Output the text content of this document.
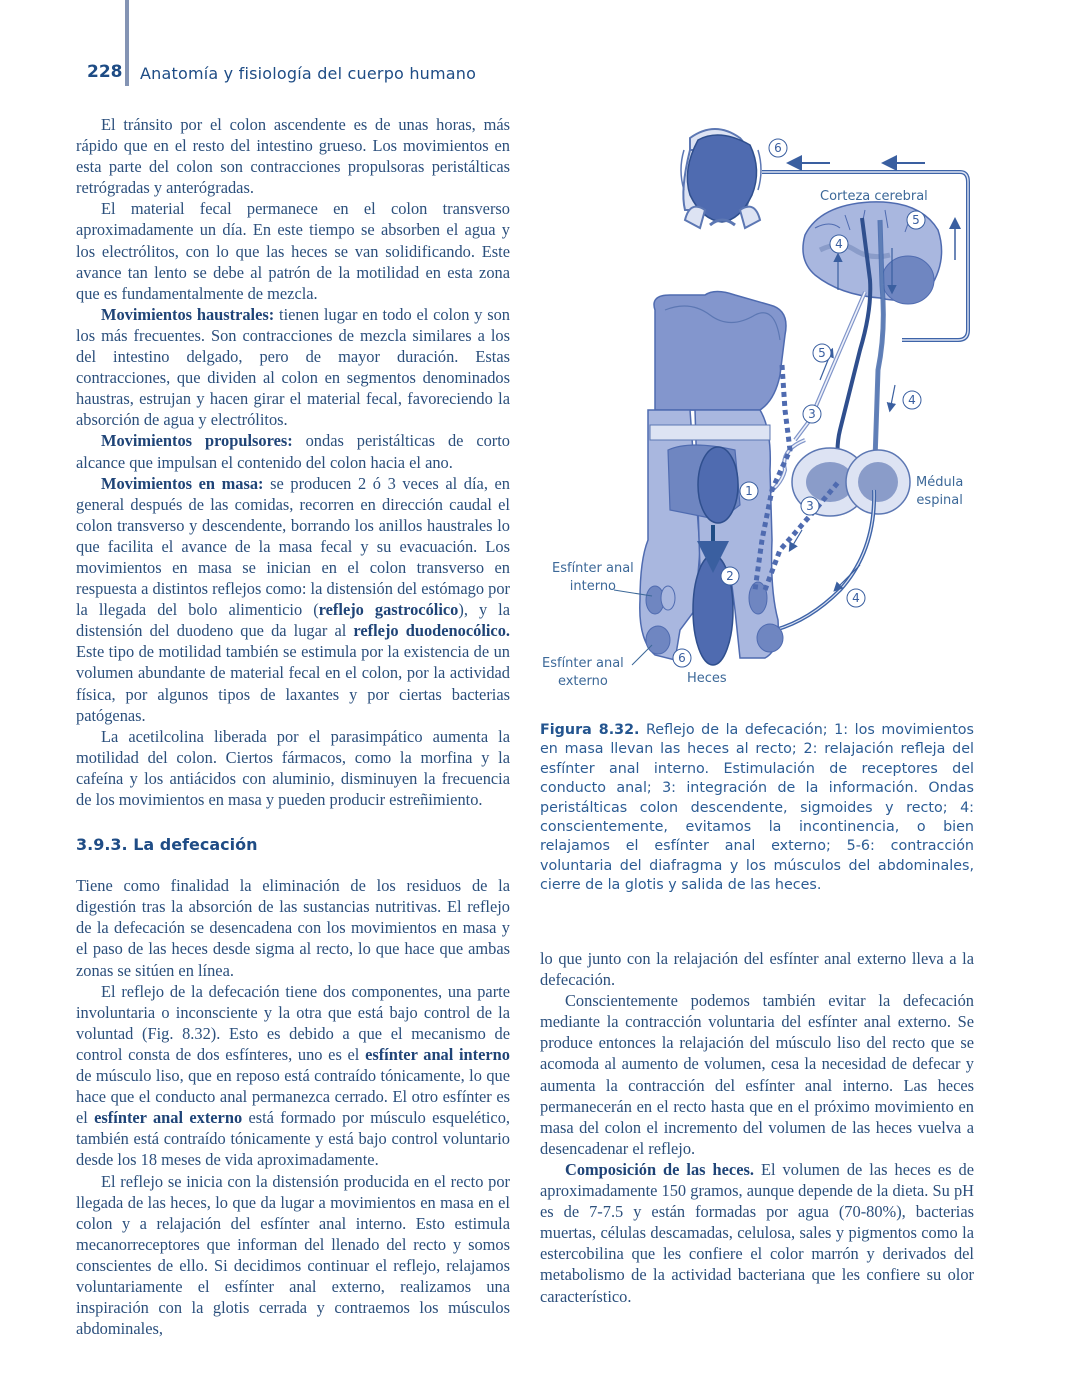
228 Anatomía y fisiología del cuerpo humano

El tránsito por el colon ascendente es de unas horas, más rápido que en el resto del intestino grueso. Los movimientos en esta parte del colon son contracciones propulsoras peristálticas retrógradas y anterógradas.

El material fecal permanece en el colon transverso aproximadamente un día. En este tiempo se absorben el agua y los electrólitos, con lo que las heces se van solidificando. Este avance tan lento se debe al patrón de la motilidad en esta zona que es fundamentalmente de mezcla.

Movimientos haustrales: tienen lugar en todo el colon y son los más frecuentes. Son contracciones de mezcla similares a los del intestino delgado, pero de mayor duración. Estas contracciones, que dividen al colon en segmentos denominados haustras, estrujan y hacen girar el material fecal, favoreciendo la absorción de agua y electrólitos.

Movimientos propulsores: ondas peristálticas de corto alcance que impulsan el contenido del colon hacia el ano.

Movimientos en masa: se producen 2 ó 3 veces al día, en general después de las comidas, recorren en dirección caudal el colon transverso y descendente, borrando los anillos haustrales lo que facilita el avance de la masa fecal y su evacuación. Los movimientos en masa se inician en el colon transverso en respuesta a distintos reflejos como: la distensión del estómago por la llegada del bolo alimenticio (reflejo gastrocólico), y la distensión del duodeno que da lugar al reflejo duodenocólico. Este tipo de motilidad también se estimula por la existencia de un volumen abundante de material fecal en el colon, por la actividad física, por algunos tipos de laxantes y por ciertas bacterias patógenas.

La acetilcolina liberada por el parasimpático aumenta la motilidad del colon. Ciertos fármacos, como la morfina y la cafeína y los antiácidos con aluminio, disminuyen la frecuencia de los movimientos en masa y pueden producir estreñimiento.

3.9.3. La defecación

Tiene como finalidad la eliminación de los residuos de la digestión tras la absorción de las sustancias nutritivas. El reflejo de la defecación se desencadena con los movimientos en masa y el paso de las heces desde sigma al recto, lo que hace que ambas zonas se sitúen en línea.

El reflejo de la defecación tiene dos componentes, una parte involuntaria o inconsciente y la otra que está bajo control de la voluntad (Fig. 8.32). Esto es debido a que el mecanismo de control consta de dos esfínteres, uno es el esfínter anal interno de músculo liso, que en reposo está contraído tónicamente, lo que hace que el conducto anal permanezca cerrado. El otro esfínter es el esfínter anal externo está formado por músculo esquelético, también está contraído tónicamente y está bajo control voluntario desde los 18 meses de vida aproximadamente.

El reflejo se inicia con la distensión producida en el recto por llegada de las heces, lo que da lugar a movimientos en masa en el colon y a relajación del esfínter anal interno. Esto estimula mecanorreceptores que informan del llenado del recto y somos conscientes de ello. Si decidimos continuar el reflejo, relajamos voluntariamente el esfínter anal externo, realizamos una inspiración con la glotis cerrada y contraemos los músculos abdominales,

6
5
4
5
4
3
3
1
2
4
6
Corteza cerebral
Médula
espinal
Esfínter anal
interno
Esfínter anal
externo	Heces
Figura 8.32. Reflejo de la defecación; 1: los movimientos en masa llevan las heces al recto; 2: relajación refleja del esfínter anal interno. Estimulación de receptores del conducto anal; 3: integración de la información. Ondas peristálticas colon descendente, sigmoides y recto; 4: conscientemente, evitamos la incontinencia, o bien relajamos el esfínter anal externo; 5-6: contracción voluntaria del diafragma y los músculos del abdominales, cierre de la glotis y salida de las heces.

lo que junto con la relajación del esfínter anal externo lleva a la defecación.

Conscientemente podemos también evitar la defecación mediante la contracción voluntaria del esfínter anal externo. Se produce entonces la relajación del músculo liso del recto que se acomoda al aumento de volumen, cesa la necesidad de defecar y aumenta la contracción del esfínter anal interno. Las heces permanecerán en el recto hasta que en el próximo movimiento en masa del colon el incremento del volumen de las heces vuelva a desencadenar el reflejo.

Composición de las heces. El volumen de las heces es de aproximadamente 150 gramos, aunque depende de la dieta. Su pH es de 7-7.5 y están formadas por agua (70-80%), bacterias muertas, células descamadas, celulosa, sales y pigmentos como la estercobilina que les confiere el color marrón y derivados del metabolismo de la actividad bacteriana que les confiere su olor característico.
